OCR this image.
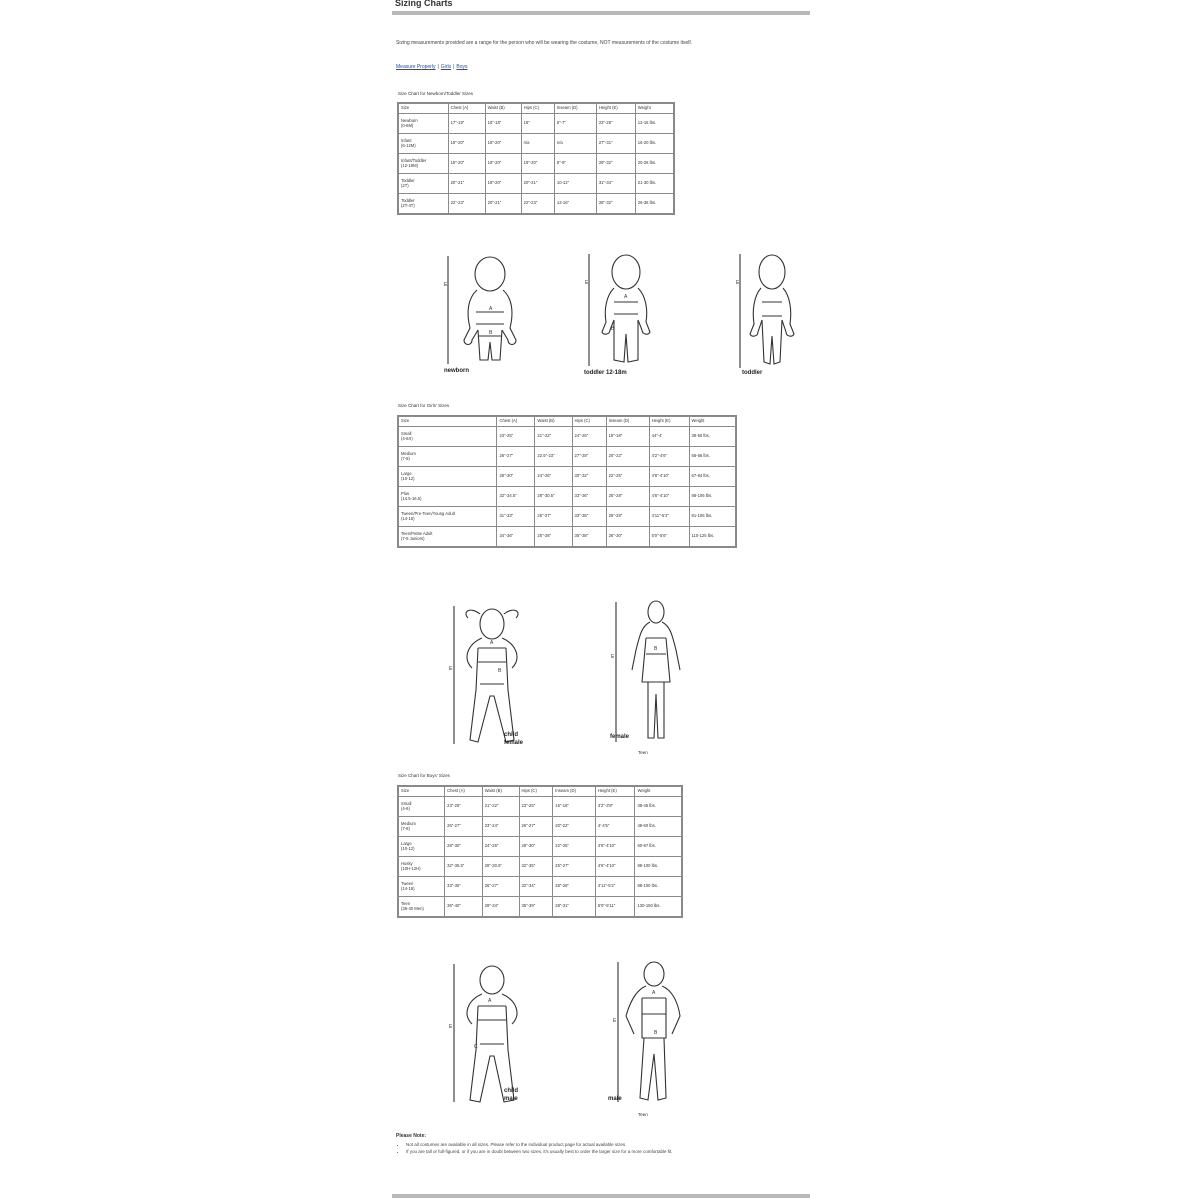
Sizing Charts
Sizing measurements provided are a range for the person who will be wearing the costume, NOT measurements of the costume itself.
Measure Properly | Girls | Boys
Size Chart for Newborn/Toddler Sizes
Size	Chest (A)	Waist (B)	Hips (C)	Inseam (D)	Height (E)	Weight
Newborn
(0-6M)	17"-19"	16"-18"	18"	6"-7"	23"-26"	12-16 lbs.
Infant
(6-12M)	19"-20"	18"-20"	n/a	n/a	27"-31"	16-20 lbs.
Infant/Toddler
(12-18M)	19"-20"	18"-20"	19"-20"	8"-9"	29"-32"	20-26 lbs.
Toddler
(2T)	20"-21"	19"-20"	20"-21"	10-12"	31"-34"	21-30 lbs.
Toddler
(2T-4T)	22"-23"	20"-21"	22"-23"	12-16"	28"-32"	26-36 lbs.
E
A
B
newborn
E
A
B
toddler 12-18m
E
toddler
Size Chart for Girls' Sizes
Size	Chest (A)	Waist (B)	Hips (C)	Inseam (D)	Height (E)	Weight
Small
(4-6X)	23"-25"	21"-22"	24"-26"	16"-18"	44"-4'	38-50 lbs.
Medium
(7-8)	26"-27"	22.5"-23"	27"-28"	20"-22"	4'2"-4'6"	56-66 lbs.
Large
(10-12)	28"-30"	24"-26"	30"-32"	22"-25"	4'6"-4'10"	67-84 lbs.
Plus
(14.5-16.5)	32"-34.5"	28"-30.5"	33"-36"	25"-28"	4'6"-4'10"	88-106 lbs.
Tween/Pre-Teen/Young Adult
(14-16)	31"-33"	26"-27"	33"-35"	26"-28"	4'11"-5'2"	81-106 lbs.
Teen/Petite Adult
(7-9 Juniors)	34"-36"	25"-28"	35"-38"	26"-30"	5'0"-5'6"	110-125 lbs.
E
A
B
child
female
E
B
female
Teen
Size Chart for Boys' Sizes
Size	Chest (A)	Waist (B)	Hips (C)	Inseam (D)	Height (E)	Weight
Small
(4-6)	23"-25"	21"-22"	23"-25"	16"-18"	3'2"-3'8"	38-45 lbs.
Medium
(7-8)	26"-27"	23"-24"	26"-27"	20"-22"	4'-4'5"	48-60 lbs.
Large
(10-12)	28"-30"	24"-26"	28"-30"	22"-25"	4'6"-4'10"	60-87 lbs.
Husky
(10H-12H)	32"-35.5"	29"-30.5"	32"-35"	25"-27"	4'6"-4'10"	88-100 lbs.
Tween
(14-16)	33"-35"	26"-27"	32"-34"	26"-28"	4'11"-5'2"	88-100 lbs.
Teen
(36-40 Men)	36"-40"	29"-34"	35"-39"	28"-31"	5'0"-5'11"	130-150 lbs.
E
A
C
child
male
E
A
B
male
Teen
Please Note:
• Not all costumes are available in all sizes. Please refer to the individual product page for actual available sizes.
• If you are tall or full-figured, or if you are in doubt between two sizes, it's usually best to order the larger size for a more comfortable fit.
